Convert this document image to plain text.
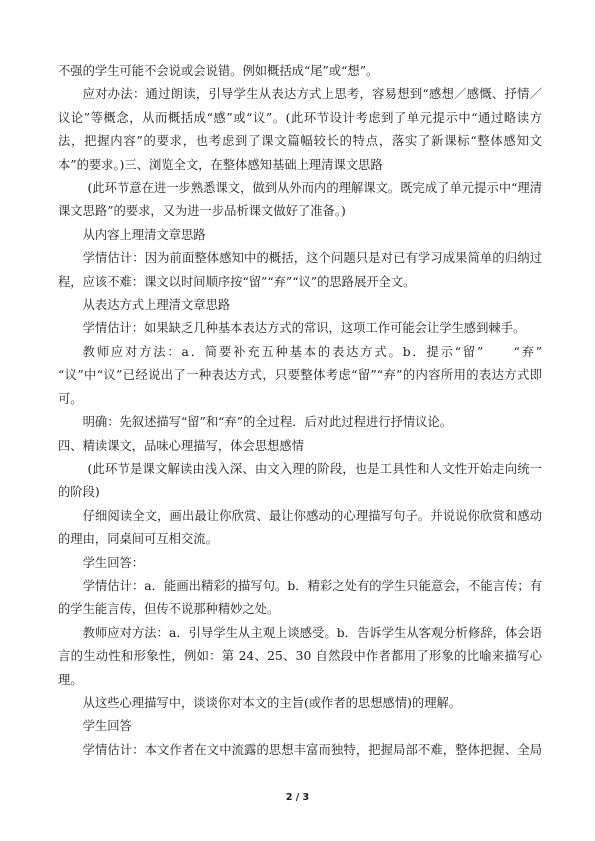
不强的学生可能不会说或会说错。例如概括成“尾”或“想”。

应对办法：通过朗读，引导学生从表达方式上思考，容易想到“感想／感慨、抒情／议论”等概念，从而概括成“感”或“议”。(此环节设计考虑到了单元提示中“通过略读方法，把握内容”的要求，也考虑到了课文篇幅较长的特点，落实了新课标“整体感知文本”的要求。)三、浏览全文，在整体感知基础上理清课文思路

(此环节意在进一步熟悉课文，做到从外而内的理解课文。既完成了单元提示中“理清课文思路”的要求，又为进一步品析课文做好了准备。)

从内容上理清文章思路

学情估计：因为前面整体感知中的概括，这个问题只是对已有学习成果简单的归纳过程，应该不难：课文以时间顺序按“留”“弃”“议”的思路展开全文。

从表达方式上理清文章思路

学情估计：如果缺乏几种基本表达方式的常识，这项工作可能会让学生感到棘手。

教师应对方法：a．简要补充五种基本的表达方式。b．提示“留”　　“弃”　　“议”中“议”已经说出了一种表达方式，只要整体考虑“留”“弃”的内容所用的表达方式即可。

明确：先叙述描写“留”和“弃”的全过程．后对此过程进行抒情议论。

四、精读课文，品味心理描写，体会思想感情

(此环节是课文解读由浅入深、由文入理的阶段，也是工具性和人文性开始走向统一的阶段)

仔细阅读全文，画出最让你欣赏、最让你感动的心理描写句子。并说说你欣赏和感动的理由，同桌间可互相交流。

学生回答：

学情估计：a．能画出精彩的描写句。b．精彩之处有的学生只能意会，不能言传；有的学生能言传，但传不说那种精妙之处。

教师应对方法：a．引导学生从主观上谈感受。b．告诉学生从客观分析修辞，体会语言的生动性和形象性，例如：第 24、25、30 自然段中作者都用了形象的比喻来描写心理。

从这些心理描写中，谈谈你对本文的主旨(或作者的思想感情)的理解。

学生回答

学情估计：本文作者在文中流露的思想丰富而独特，把握局部不难，整体把握、全局

2 / 3
